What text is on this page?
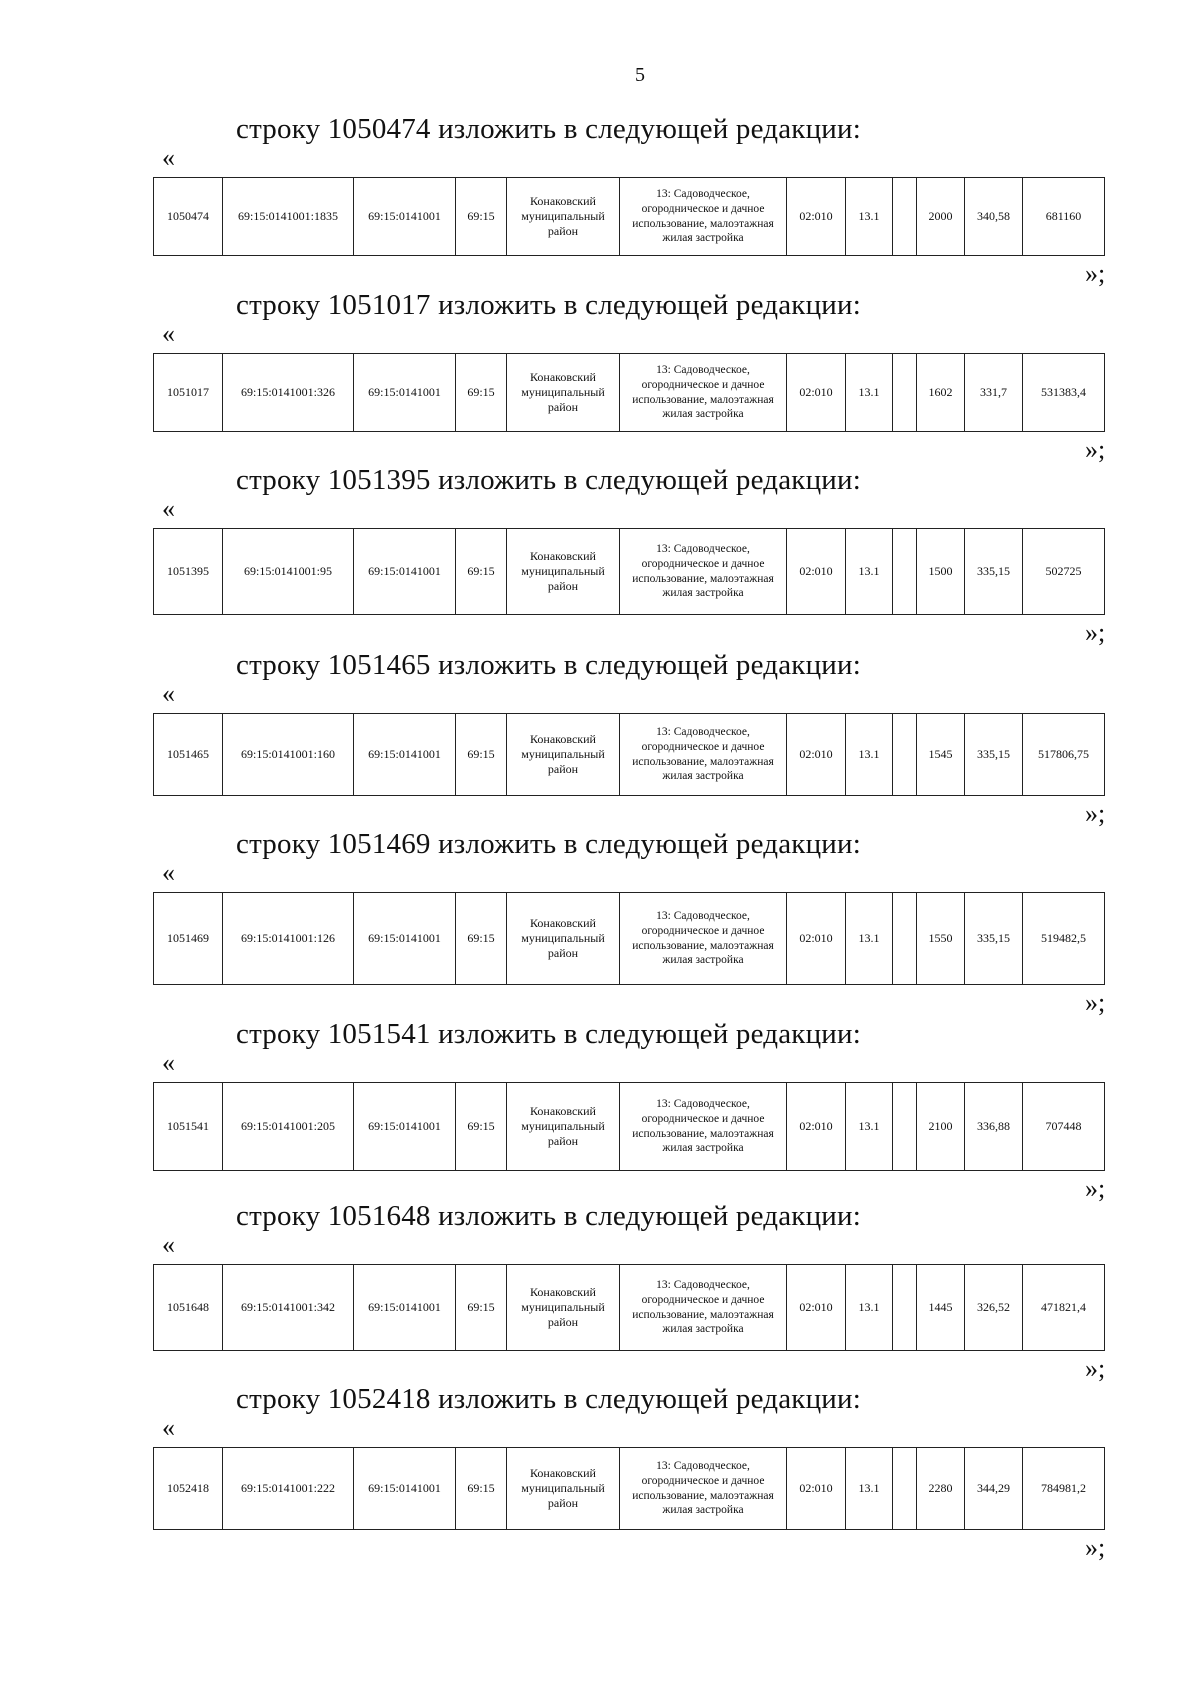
5
строку 1050474 изложить в следующей редакции:
«
1050474	69:15:0141001:1835	69:15:0141001	69:15	Конаковский муниципальный район	13: Садоводческое, огородническое и дачное использование, малоэтажная жилая застройка	02:010	13.1		2000	340,58	681160
»;
строку 1051017 изложить в следующей редакции:
«
1051017	69:15:0141001:326	69:15:0141001	69:15	Конаковский муниципальный район	13: Садоводческое, огородническое и дачное использование, малоэтажная жилая застройка	02:010	13.1		1602	331,7	531383,4
»;
строку 1051395 изложить в следующей редакции:
«
1051395	69:15:0141001:95	69:15:0141001	69:15	Конаковский муниципальный район	13: Садоводческое, огородническое и дачное использование, малоэтажная жилая застройка	02:010	13.1		1500	335,15	502725
»;
строку 1051465 изложить в следующей редакции:
«
1051465	69:15:0141001:160	69:15:0141001	69:15	Конаковский муниципальный район	13: Садоводческое, огородническое и дачное использование, малоэтажная жилая застройка	02:010	13.1		1545	335,15	517806,75
»;
строку 1051469 изложить в следующей редакции:
«
1051469	69:15:0141001:126	69:15:0141001	69:15	Конаковский муниципальный район	13: Садоводческое, огородническое и дачное использование, малоэтажная жилая застройка	02:010	13.1		1550	335,15	519482,5
»;
строку 1051541 изложить в следующей редакции:
«
1051541	69:15:0141001:205	69:15:0141001	69:15	Конаковский муниципальный район	13: Садоводческое, огородническое и дачное использование, малоэтажная жилая застройка	02:010	13.1		2100	336,88	707448
»;
строку 1051648 изложить в следующей редакции:
«
1051648	69:15:0141001:342	69:15:0141001	69:15	Конаковский муниципальный район	13: Садоводческое, огородническое и дачное использование, малоэтажная жилая застройка	02:010	13.1		1445	326,52	471821,4
»;
строку 1052418 изложить в следующей редакции:
«
1052418	69:15:0141001:222	69:15:0141001	69:15	Конаковский муниципальный район	13: Садоводческое, огородническое и дачное использование, малоэтажная жилая застройка	02:010	13.1		2280	344,29	784981,2
»;
